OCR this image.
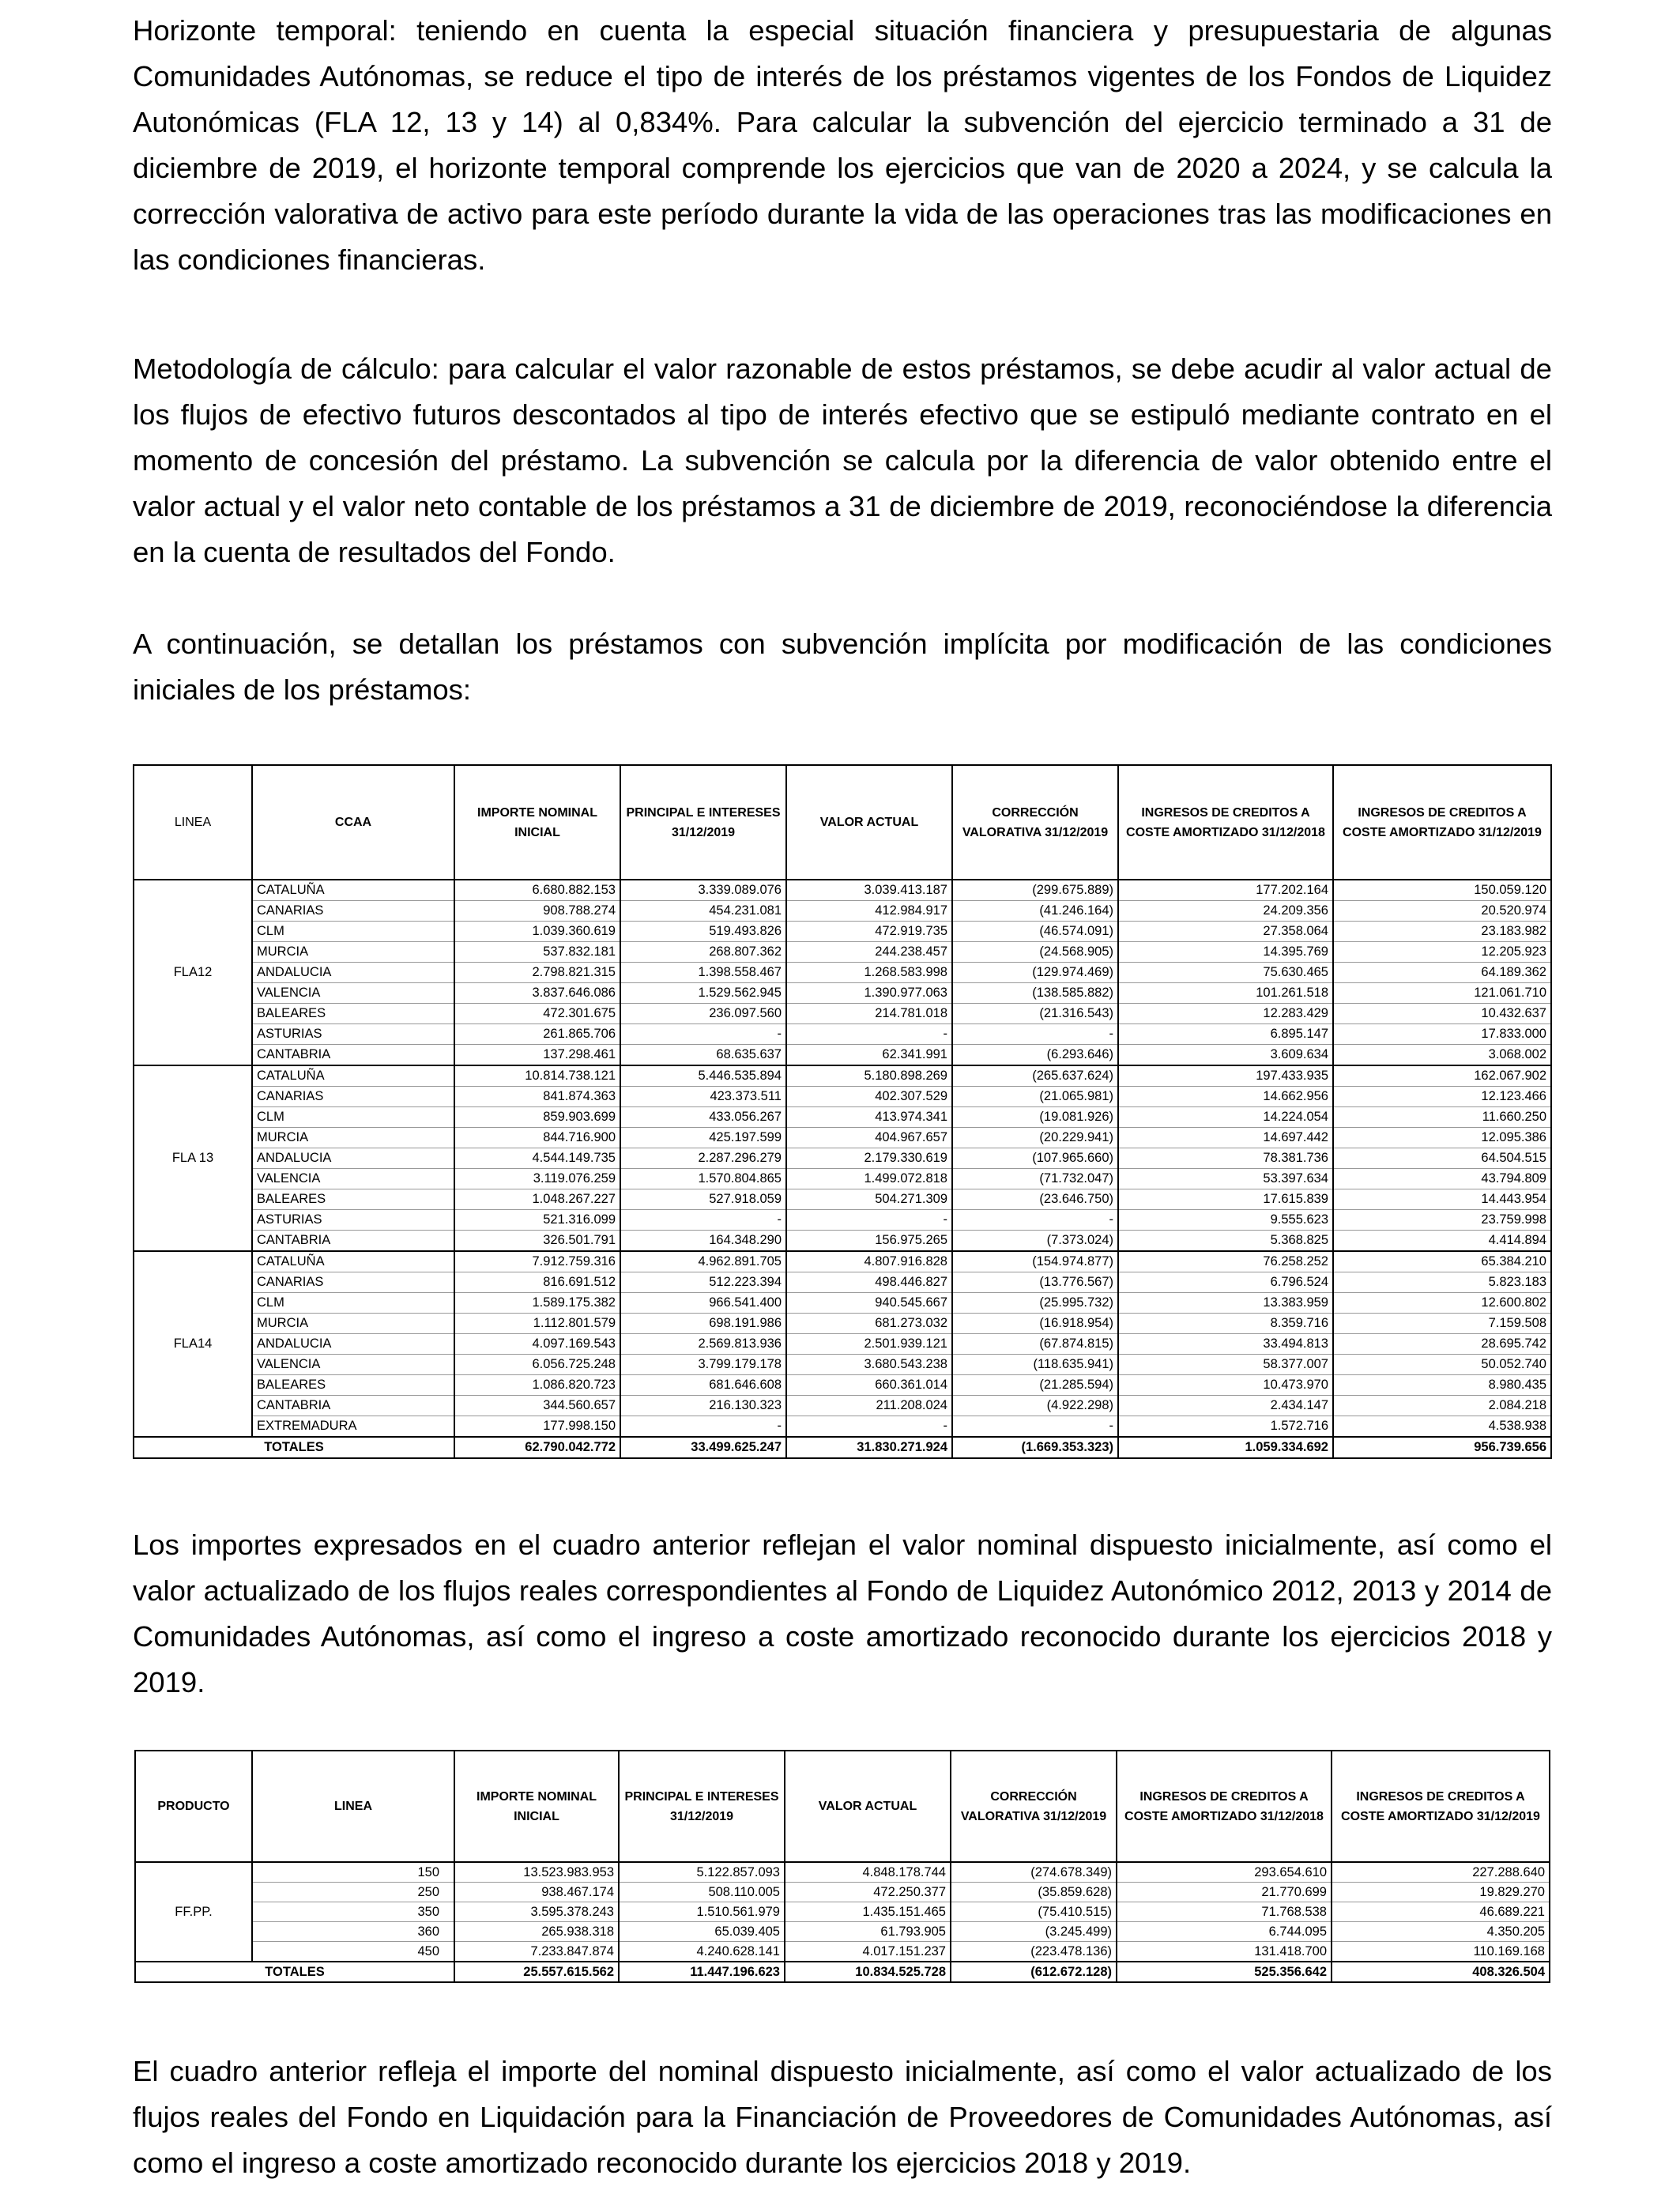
Horizonte temporal: teniendo en cuenta la especial situación financiera y presupuestaria de algunas Comunidades Autónomas, se reduce el tipo de interés de los préstamos vigentes de los Fondos de Liquidez Autonómicas (FLA 12, 13 y 14) al 0,834%. Para calcular la subvención del ejercicio terminado a 31 de diciembre de 2019, el horizonte temporal comprende los ejercicios que van de 2020 a 2024, y se calcula la corrección valorativa de activo para este período durante la vida de las operaciones tras las modificaciones en las condiciones financieras.

Metodología de cálculo: para calcular el valor razonable de estos préstamos, se debe acudir al valor actual de los flujos de efectivo futuros descontados al tipo de interés efectivo que se estipuló mediante contrato en el momento de concesión del préstamo. La subvención se calcula por la diferencia de valor obtenido entre el valor actual y el valor neto contable de los préstamos a 31 de diciembre de 2019, reconociéndose la diferencia en la cuenta de resultados del Fondo.

A continuación, se detallan los préstamos con subvención implícita por modificación de las condiciones iniciales de los préstamos:

LINEA	CCAA	IMPORTE NOMINAL INICIAL	PRINCIPAL E INTERESES 31/12/2019	VALOR ACTUAL	CORRECCIÓN VALORATIVA 31/12/2019	INGRESOS DE CREDITOS A COSTE AMORTIZADO 31/12/2018	INGRESOS DE CREDITOS A COSTE AMORTIZADO 31/12/2019
FLA12	CATALUÑA	6.680.882.153	3.339.089.076	3.039.413.187	(299.675.889)	177.202.164	150.059.120
	CANARIAS	908.788.274	454.231.081	412.984.917	(41.246.164)	24.209.356	20.520.974
	CLM	1.039.360.619	519.493.826	472.919.735	(46.574.091)	27.358.064	23.183.982
	MURCIA	537.832.181	268.807.362	244.238.457	(24.568.905)	14.395.769	12.205.923
	ANDALUCIA	2.798.821.315	1.398.558.467	1.268.583.998	(129.974.469)	75.630.465	64.189.362
	VALENCIA	3.837.646.086	1.529.562.945	1.390.977.063	(138.585.882)	101.261.518	121.061.710
	BALEARES	472.301.675	236.097.560	214.781.018	(21.316.543)	12.283.429	10.432.637
	ASTURIAS	261.865.706	-	-	-	6.895.147	17.833.000
	CANTABRIA	137.298.461	68.635.637	62.341.991	(6.293.646)	3.609.634	3.068.002
FLA 13	CATALUÑA	10.814.738.121	5.446.535.894	5.180.898.269	(265.637.624)	197.433.935	162.067.902
	CANARIAS	841.874.363	423.373.511	402.307.529	(21.065.981)	14.662.956	12.123.466
	CLM	859.903.699	433.056.267	413.974.341	(19.081.926)	14.224.054	11.660.250
	MURCIA	844.716.900	425.197.599	404.967.657	(20.229.941)	14.697.442	12.095.386
	ANDALUCIA	4.544.149.735	2.287.296.279	2.179.330.619	(107.965.660)	78.381.736	64.504.515
	VALENCIA	3.119.076.259	1.570.804.865	1.499.072.818	(71.732.047)	53.397.634	43.794.809
	BALEARES	1.048.267.227	527.918.059	504.271.309	(23.646.750)	17.615.839	14.443.954
	ASTURIAS	521.316.099	-	-	-	9.555.623	23.759.998
	CANTABRIA	326.501.791	164.348.290	156.975.265	(7.373.024)	5.368.825	4.414.894
FLA14	CATALUÑA	7.912.759.316	4.962.891.705	4.807.916.828	(154.974.877)	76.258.252	65.384.210
	CANARIAS	816.691.512	512.223.394	498.446.827	(13.776.567)	6.796.524	5.823.183
	CLM	1.589.175.382	966.541.400	940.545.667	(25.995.732)	13.383.959	12.600.802
	MURCIA	1.112.801.579	698.191.986	681.273.032	(16.918.954)	8.359.716	7.159.508
	ANDALUCIA	4.097.169.543	2.569.813.936	2.501.939.121	(67.874.815)	33.494.813	28.695.742
	VALENCIA	6.056.725.248	3.799.179.178	3.680.543.238	(118.635.941)	58.377.007	50.052.740
	BALEARES	1.086.820.723	681.646.608	660.361.014	(21.285.594)	10.473.970	8.980.435
	CANTABRIA	344.560.657	216.130.323	211.208.024	(4.922.298)	2.434.147	2.084.218
	EXTREMADURA	177.998.150	-	-	-	1.572.716	4.538.938
TOTALES		62.790.042.772	33.499.625.247	31.830.271.924	(1.669.353.323)	1.059.334.692	956.739.656

Los importes expresados en el cuadro anterior reflejan el valor nominal dispuesto inicialmente, así como el valor actualizado de los flujos reales correspondientes al Fondo de Liquidez Autonómico 2012, 2013 y 2014 de Comunidades Autónomas, así como el ingreso a coste amortizado reconocido durante los ejercicios 2018 y 2019.

PRODUCTO	LINEA	IMPORTE NOMINAL INICIAL	PRINCIPAL E INTERESES 31/12/2019	VALOR ACTUAL	CORRECCIÓN VALORATIVA 31/12/2019	INGRESOS DE CREDITOS A COSTE AMORTIZADO 31/12/2018	INGRESOS DE CREDITOS A COSTE AMORTIZADO 31/12/2019
FF.PP.	150	13.523.983.953	5.122.857.093	4.848.178.744	(274.678.349)	293.654.610	227.288.640
	250	938.467.174	508.110.005	472.250.377	(35.859.628)	21.770.699	19.829.270
	350	3.595.378.243	1.510.561.979	1.435.151.465	(75.410.515)	71.768.538	46.689.221
	360	265.938.318	65.039.405	61.793.905	(3.245.499)	6.744.095	4.350.205
	450	7.233.847.874	4.240.628.141	4.017.151.237	(223.478.136)	131.418.700	110.169.168
TOTALES		25.557.615.562	11.447.196.623	10.834.525.728	(612.672.128)	525.356.642	408.326.504

El cuadro anterior refleja el importe del nominal dispuesto inicialmente, así como el valor actualizado de los flujos reales del Fondo en Liquidación para la Financiación de Proveedores de Comunidades Autónomas, así como el ingreso a coste amortizado reconocido durante los ejercicios 2018 y 2019.
